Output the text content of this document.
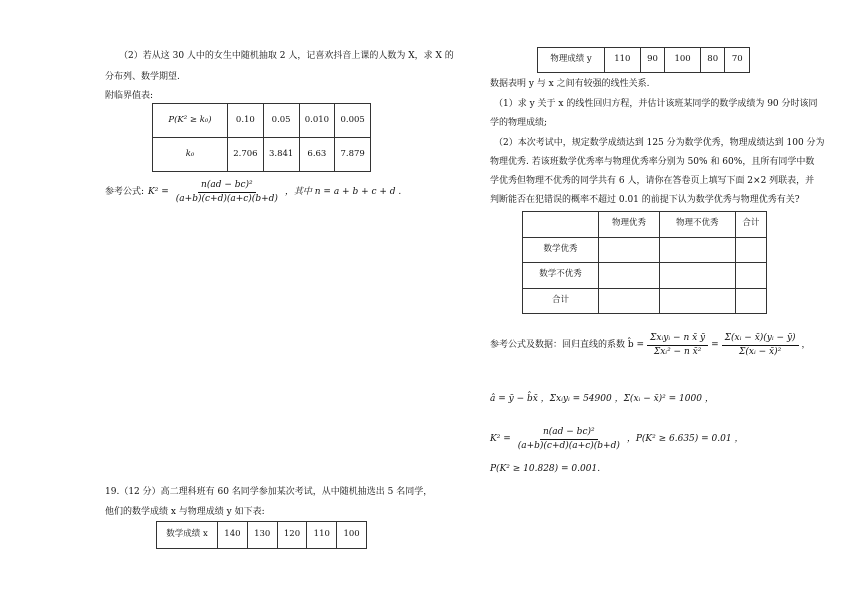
（2）若从这 30 人中的女生中随机抽取 2 人，记喜欢抖音上课的人数为 X，求 X 的
分布列、数学期望.
附临界值表:
P(K² ≥ k₀)	0.10	0.05	0.010	0.005
k₀	2.706	3.841	6.63	7.879
参考公式: $K^2 = \frac{\text{n(ad − bc)²}}{(a+b)(c+d)(a+c)(b+d)}$ ，其中 n = a + b + c + d .
19.（12 分）高二理科班有 60 名同学参加某次考试，从中随机抽选出 5 名同学，
他们的数学成绩 x 与物理成绩 y 如下表:
数学成绩 x	140	130	120	110	100
物理成绩 y	110	90	100	80	70
数据表明 y 与 x 之间有较强的线性关系.
（1）求 y 关于 x 的线性回归方程，并估计该班某同学的数学成绩为 90 分时该同
学的物理成绩;
（2）本次考试中，规定数学成绩达到 125 分为数学优秀，物理成绩达到 100 分为
物理优秀. 若该班数学优秀率与物理优秀率分别为 50% 和 60%，且所有同学中数
学优秀但物理不优秀的同学共有 6 人，请你在答卷页上填写下面 2×2 列联表，并
判断能否在犯错误的概率不超过 0.01 的前提下认为数学优秀与物理优秀有关?
	物理优秀	物理不优秀	合计
数学优秀			
数学不优秀			
合计			
参考公式及数据：回归直线的系数 b̂ = $\frac{\text{Σxᵢyᵢ − n x̄ ȳ}}{\text{Σxᵢ² − n x̄²}} = \frac{\text{Σ(xᵢ − x̄)(yᵢ − ȳ)}}{\text{Σ(xᵢ − x̄)²}}$ ，
â = ȳ − b̂x̄ ，Σxᵢyᵢ = 54900 ，Σ(xᵢ − x̄)² = 1000 ，
$K^2 = \frac{\text{n(ad − bc)²}}{(a+b)(c+d)(a+c)(b+d)}$ ，P(K² ≥ 6.635) = 0.01 ，
P(K² ≥ 10.828) = 0.001.
